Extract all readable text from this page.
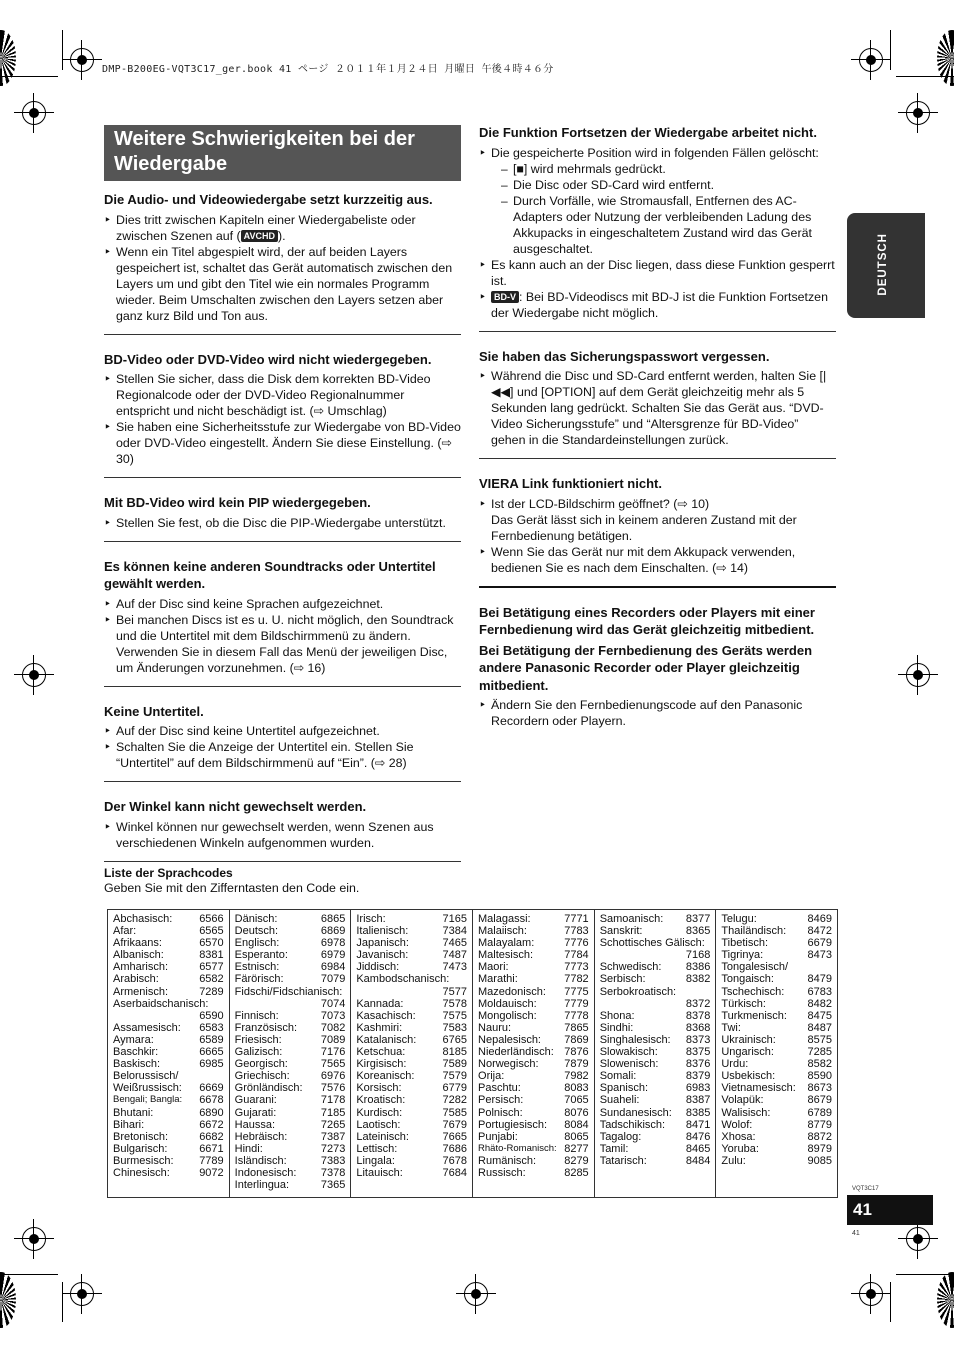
DMP-B200EG-VQT3C17_ger.book 41 ページ ２０１１年１月２４日 月曜日 午後４時４６分
DEUTSCH
VQT3C17
41
41
Weitere Schwierigkeiten bei der Wiedergabe
Die Audio- und Videowiedergabe setzt kurzzeitig aus.
‣ Dies tritt zwischen Kapiteln einer Wiedergabeliste oder zwischen Szenen auf ( AVCHD ).
‣ Wenn ein Titel abgespielt wird, der auf beiden Layers gespeichert ist, schaltet das Gerät automatisch zwischen den Layers um und gibt den Titel wie ein normales Programm wieder. Beim Umschalten zwischen den Layers setzen aber ganz kurz Bild und Ton aus.
BD-Video oder DVD-Video wird nicht wiedergegeben.
‣ Stellen Sie sicher, dass die Disk dem korrekten BD-Video Regionalcode oder der DVD-Video Regionalnummer entspricht und nicht beschädigt ist. (⇨ Umschlag)
‣ Sie haben eine Sicherheitsstufe zur Wiedergabe von BD-Video oder DVD-Video eingestellt. Ändern Sie diese Einstellung. (⇨ 30)
Mit BD-Video wird kein PIP wiedergegeben.
‣ Stellen Sie fest, ob die Disc die PIP-Wiedergabe unterstützt.
Es können keine anderen Soundtracks oder Untertitel gewählt werden.
‣ Auf der Disc sind keine Sprachen aufgezeichnet.
‣ Bei manchen Discs ist es u. U. nicht möglich, den Soundtrack und die Untertitel mit dem Bildschirmmenü zu ändern. Verwenden Sie in diesem Fall das Menü der jeweiligen Disc, um Änderungen vorzunehmen. (⇨ 16)
Keine Untertitel.
‣ Auf der Disc sind keine Untertitel aufgezeichnet.
‣ Schalten Sie die Anzeige der Untertitel ein. Stellen Sie “Untertitel” auf dem Bildschirmmenü auf “Ein”. (⇨ 28)
Der Winkel kann nicht gewechselt werden.
‣ Winkel können nur gewechselt werden, wenn Szenen aus verschiedenen Winkeln aufgenommen wurden.
Die Funktion Fortsetzen der Wiedergabe arbeitet nicht.
‣ Die gespeicherte Position wird in folgenden Fällen gelöscht:
– [■] wird mehrmals gedrückt.
– Die Disc oder SD-Card wird entfernt.
– Durch Vorfälle, wie Stromausfall, Entfernen des AC-Adapters oder Nutzung der verbleibenden Ladung des Akkupacks in eingeschaltetem Zustand wird das Gerät ausgeschaltet.
‣ Es kann auch an der Disc liegen, dass diese Funktion gesperrt ist.
‣ BD-V : Bei BD-Videodiscs mit BD-J ist die Funktion Fortsetzen der Wiedergabe nicht möglich.
Sie haben das Sicherungspasswort vergessen.
‣ Während die Disc und SD-Card entfernt werden, halten Sie [|◀◀] und [OPTION] auf dem Gerät gleichzeitig mehr als 5 Sekunden lang gedrückt. Schalten Sie das Gerät aus. “DVD-Video Sicherungsstufe” und “Altersgrenze für BD-Video” gehen in die Standardeinstellungen zurück.
VIERA Link funktioniert nicht.
‣ Ist der LCD-Bildschirm geöffnet? (⇨ 10)
Das Gerät lässt sich in keinem anderen Zustand mit der Fernbedienung betätigen.
‣ Wenn Sie das Gerät nur mit dem Akkupack verwenden, bedienen Sie es nach dem Einschalten. (⇨ 14)
Bei Betätigung eines Recorders oder Players mit einer Fernbedienung wird das Gerät gleichzeitig mitbedient.
Bei Betätigung der Fernbedienung des Geräts werden andere Panasonic Recorder oder Player gleichzeitig mitbedient.
‣ Ändern Sie den Fernbedienungscode auf den Panasonic Recordern oder Playern.
Liste der Sprachcodes
Geben Sie mit den Zifferntasten den Code ein.
Abchasisch: 6566
Afar:	6565
Afrikaans:	6570
Albanisch:	8381
Amharisch:	6577
Arabisch:	6582
Armenisch:	7289
Aserbaidschanisch:
6590
Assamesisch: 6583
Aymara:	6589
Baschkir:	6665
Baskisch:	6985
Belorussisch/
Weißrussisch: 6669
Bengali; Bangla: 6678
Bhutani:	6890
Bihari:	6672
Bretonisch:	6682
Bulgarisch:	6671
Burmesisch: 7789
Chinesisch:	9072
Dänisch:	6865
Deutsch:	6869
Englisch:	6978
Esperanto:	6979
Estnisch:	6984
Färörisch:	7079
Fidschi/Fidschianisch:
7074
Finnisch:	7073
Französisch: 7082
Friesisch:	7089
Galizisch:	7176
Georgisch:	7565
Griechisch:	6976
Grönländisch: 7576
Guarani:	7178
Gujarati:	7185
Haussa:	7265
Hebräisch:	7387
Hindi:	7273
Isländisch:	7383
Indonesisch: 7378
Interlingua:	7365
Irisch:	7165
Italienisch:	7384
Japanisch:	7465
Javanisch:	7487
Jiddisch:	7473
Kambodschanisch:
7577
Kannada:	7578
Kasachisch: 7575
Kashmiri:	7583
Katalanisch: 6765
Ketschua:	8185
Kirgisisch:	7589
Koreanisch:	7579
Korsisch:	6779
Kroatisch:	7282
Kurdisch:	7585
Laotisch:	7679
Lateinisch:	7665
Lettisch:	7686
Lingala:	7678
Litauisch:	7684
Malagassi:	7771
Malaiisch:	7783
Malayalam:	7776
Maltesisch:	7784
Maori:	7773
Marathi:	7782
Mazedonisch: 7775
Moldauisch: 7779
Mongolisch: 7778
Nauru:	7865
Nepalesisch: 7869
Niederländisch: 7876
Norwegisch: 7879
Orija:	7982
Paschtu:	8083
Persisch:	7065
Polnisch:	8076
Portugiesisch: 8084
Punjabi:	8065
Rhäto-Romanisch: 8277
Rumänisch:	8279
Russisch:	8285
Samoanisch: 8377
Sanskrit:	8365
Schottisches Gälisch:
7168
Schwedisch: 8386
Serbisch:	8382
Serbokroatisch:
8372
Shona:	8378
Sindhi:	8368
Singhalesisch: 8373
Slowakisch:	8375
Slowenisch: 8376
Somali:	8379
Spanisch:	6983
Suaheli:	8387
Sundanesisch: 8385
Tadschikisch: 8471
Tagalog:	8476
Tamil:	8465
Tatarisch:	8484
Telugu:	8469
Thailändisch: 8472
Tibetisch:	6679
Tigrinya:	8473
Tongalesisch/
Tongaisch:	8479
Tschechisch: 6783
Türkisch:	8482
Turkmenisch: 8475
Twi:	8487
Ukrainisch:	8575
Ungarisch:	7285
Urdu:	8582
Usbekisch:	8590
Vietnamesisch: 8673
Volapük:	8679
Walisisch:	6789
Wolof:	8779
Xhosa:	8872
Yoruba:	8979
Zulu:	9085
